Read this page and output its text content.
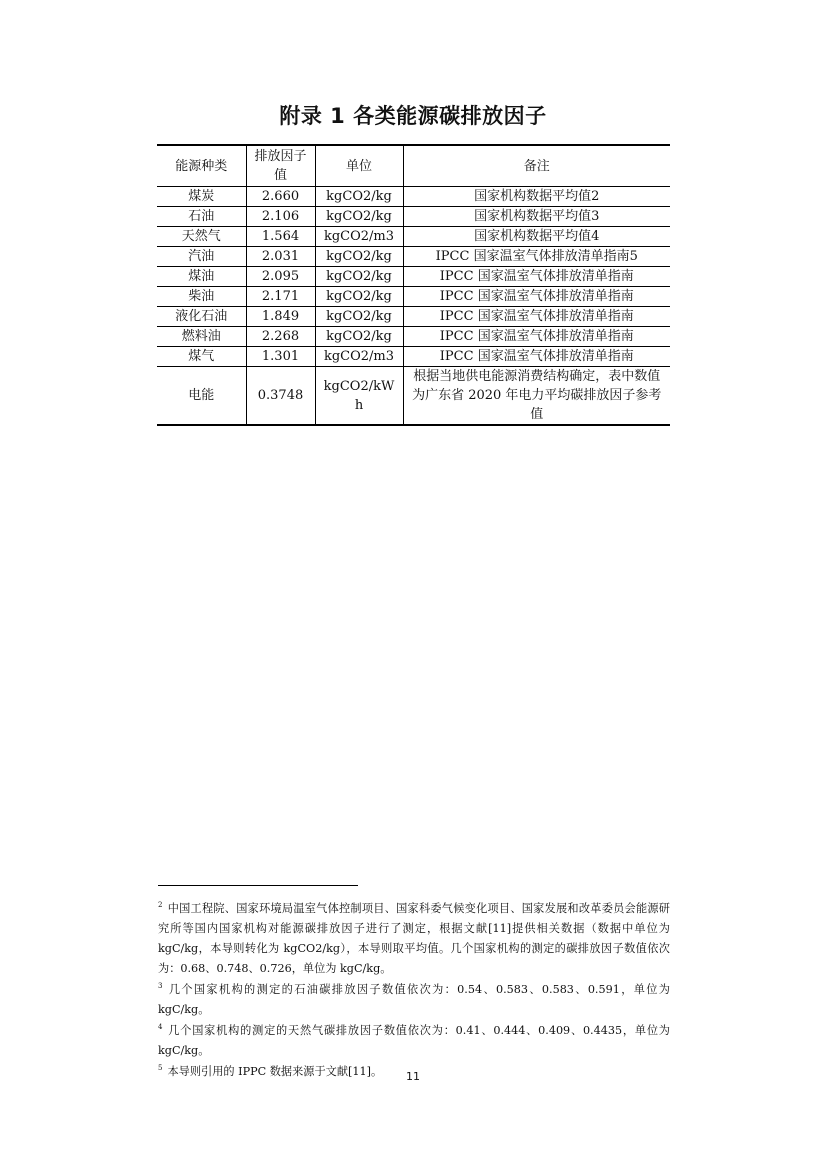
附录 1 各类能源碳排放因子
能源种类	排放因子值	单位	备注
煤炭	2.660	kgCO2/kg	国家机构数据平均值2
石油	2.106	kgCO2/kg	国家机构数据平均值3
天然气	1.564	kgCO2/m3	国家机构数据平均值4
汽油	2.031	kgCO2/kg	IPCC 国家温室气体排放清单指南5
煤油	2.095	kgCO2/kg	IPCC 国家温室气体排放清单指南
柴油	2.171	kgCO2/kg	IPCC 国家温室气体排放清单指南
液化石油	1.849	kgCO2/kg	IPCC 国家温室气体排放清单指南
燃料油	2.268	kgCO2/kg	IPCC 国家温室气体排放清单指南
煤气	1.301	kgCO2/m3	IPCC 国家温室气体排放清单指南
电能	0.3748	kgCO2/kWh	根据当地供电能源消费结构确定，表中数值为广东省 2020 年电力平均碳排放因子参考值

$^2$ 中国工程院、国家环境局温室气体控制项目、国家科委气候变化项目、国家发展和改革委员会能源研究所等国内国家机构对能源碳排放因子进行了测定，根据文献[11]提供相关数据（数据中单位为 kgC/kg，本导则转化为 kgCO2/kg），本导则取平均值。几个国家机构的测定的碳排放因子数值依次为：0.68、0.748、0.726，单位为 kgC/kg。

$^3$ 几个国家机构的测定的石油碳排放因子数值依次为：0.54、0.583、0.583、0.591，单位为 kgC/kg。

$^4$ 几个国家机构的测定的天然气碳排放因子数值依次为：0.41、0.444、0.409、0.4435，单位为 kgC/kg。

$^5$ 本导则引用的 IPPC 数据来源于文献[11]。	11
